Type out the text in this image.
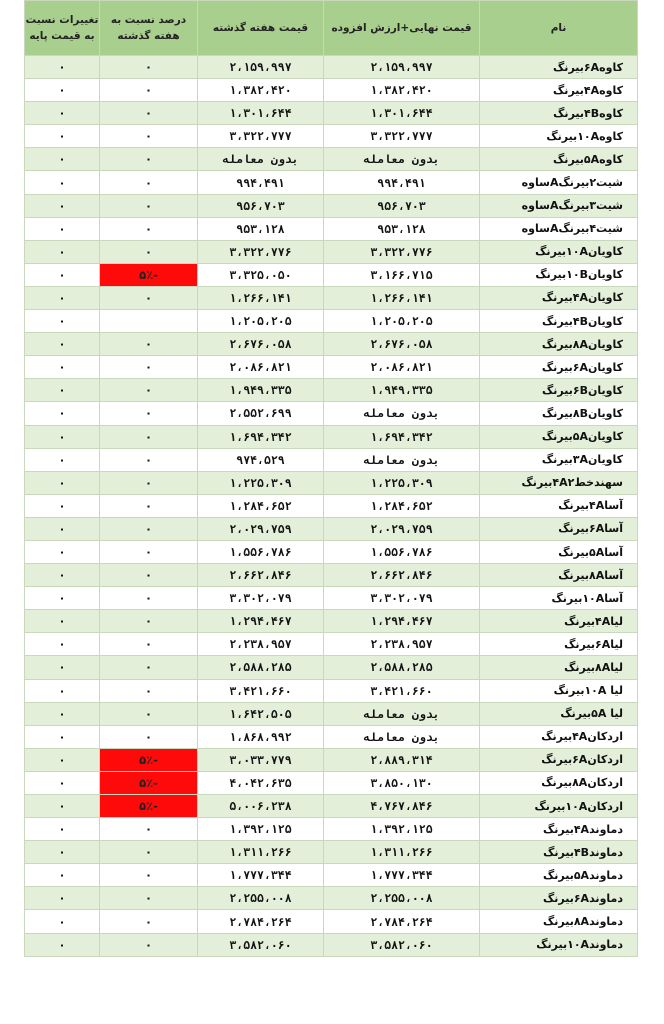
نام	قیمت نهایی+ارزش افزوده	قیمت هفته گذشته	درصد نسبت به هفته گذشته	تغییرات نسبت به قیمت پایه
کاوه۶Aبیرنگ	۲،۱۵۹،۹۹۷	۲،۱۵۹،۹۹۷	۰	۰
کاوه۴Aبیرنگ	۱،۳۸۲،۴۲۰	۱،۳۸۲،۴۲۰	۰	۰
کاوه۴Bبیرنگ	۱،۳۰۱،۶۴۴	۱،۳۰۱،۶۴۴	۰	۰
کاوه۱۰Aبیرنگ	۳،۳۲۲،۷۷۷	۳،۳۲۲،۷۷۷	۰	۰
کاوه۵Aبیرنگ	بدون معامله	بدون معامله	۰	۰
شیت۲بیرنگAساوه	۹۹۴،۴۹۱	۹۹۴،۴۹۱	۰	۰
شیت۳بیرنگAساوه	۹۵۶،۷۰۳	۹۵۶،۷۰۳	۰	۰
شیت۴بیرنگAساوه	۹۵۳،۱۲۸	۹۵۳،۱۲۸	۰	۰
کاویان۱۰Aبیرنگ	۳،۳۲۲،۷۷۶	۳،۳۲۲،۷۷۶	۰	۰
کاویان۱۰Bبیرنگ	۳،۱۶۶،۷۱۵	۳،۳۲۵،۰۵۰	-۵٪	۰
کاویان۴Aبیرنگ	۱،۲۶۶،۱۴۱	۱،۲۶۶،۱۴۱	۰	۰
کاویان۴Bبیرنگ	۱،۲۰۵،۲۰۵	۱،۲۰۵،۲۰۵		۰
کاویان۸Aبیرنگ	۲،۶۷۶،۰۵۸	۲،۶۷۶،۰۵۸	۰	۰
کاویان۶Aبیرنگ	۲،۰۸۶،۸۲۱	۲،۰۸۶،۸۲۱	۰	۰
کاویان۶Bبیرنگ	۱،۹۴۹،۳۳۵	۱،۹۴۹،۳۳۵	۰	۰
کاویان۸Bبیرنگ	بدون معامله	۲،۵۵۲،۶۹۹	۰	۰
کاویان۵Aبیرنگ	۱،۶۹۴،۳۴۲	۱،۶۹۴،۳۴۲	۰	۰
کاویان۳Aبیرنگ	بدون معامله	۹۷۴،۵۲۹	۰	۰
سهندخط۴A۲بیرنگ	۱،۲۲۵،۳۰۹	۱،۲۲۵،۳۰۹	۰	۰
آسا۴Aبیرنگ	۱،۲۸۴،۶۵۲	۱،۲۸۴،۶۵۲	۰	۰
آسا۶Aبیرنگ	۲،۰۲۹،۷۵۹	۲،۰۲۹،۷۵۹	۰	۰
آسا۵Aبیرنگ	۱،۵۵۶،۷۸۶	۱،۵۵۶،۷۸۶	۰	۰
آسا۸Aبیرنگ	۲،۶۶۲،۸۴۶	۲،۶۶۲،۸۴۶	۰	۰
آسا۱۰Aبیرنگ	۳،۳۰۲،۰۷۹	۳،۳۰۲،۰۷۹	۰	۰
لیا۴Aبیرنگ	۱،۲۹۴،۴۶۷	۱،۲۹۴،۴۶۷	۰	۰
لیا۶Aبیرنگ	۲،۲۳۸،۹۵۷	۲،۲۳۸،۹۵۷	۰	۰
لیا۸Aبیرنگ	۲،۵۸۸،۲۸۵	۲،۵۸۸،۲۸۵	۰	۰
لیا ۱۰Aبیرنگ	۳،۴۲۱،۶۶۰	۳،۴۲۱،۶۶۰	۰	۰
لیا ۵Aبیرنگ	بدون معامله	۱،۶۴۲،۵۰۵	۰	۰
اردکان۴Aبیرنگ	بدون معامله	۱،۸۶۸،۹۹۲	۰	۰
اردکان۶Aبیرنگ	۲،۸۸۹،۳۱۴	۳،۰۳۳،۷۷۹	-۵٪	۰
اردکان۸Aبیرنگ	۳،۸۵۰،۱۳۰	۴،۰۴۲،۶۳۵	-۵٪	۰
اردکان۱۰Aبیرنگ	۴،۷۶۷،۸۴۶	۵،۰۰۶،۲۳۸	-۵٪	۰
دماوند۴Aبیرنگ	۱،۳۹۲،۱۲۵	۱،۳۹۲،۱۲۵	۰	۰
دماوند۴Bبیرنگ	۱،۳۱۱،۲۶۶	۱،۳۱۱،۲۶۶	۰	۰
دماوند۵Aبیرنگ	۱،۷۷۷،۳۴۴	۱،۷۷۷،۳۴۴	۰	۰
دماوند۶Aبیرنگ	۲،۲۵۵،۰۰۸	۲،۲۵۵،۰۰۸	۰	۰
دماوند۸Aبیرنگ	۲،۷۸۴،۲۶۴	۲،۷۸۴،۲۶۴	۰	۰
دماوند۱۰Aبیرنگ	۳،۵۸۲،۰۶۰	۳،۵۸۲،۰۶۰	۰	۰
